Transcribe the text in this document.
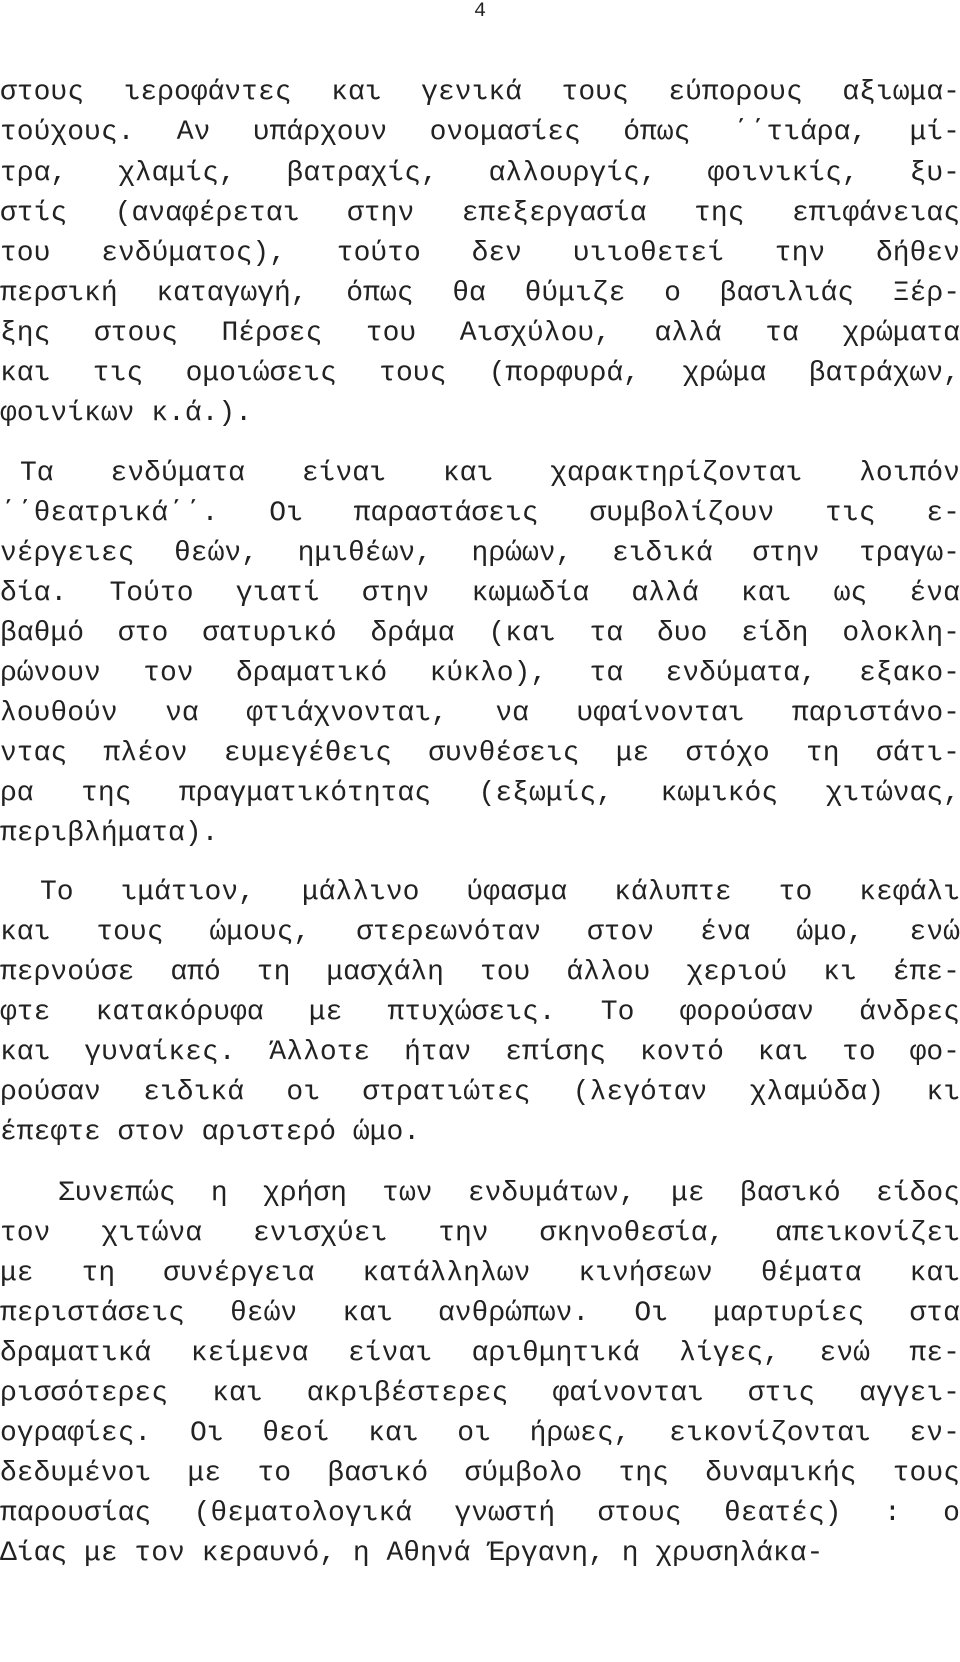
4
στους ιεροφάντες και γενικά τους εύπορους αξιωμα-
τούχους. Αν υπάρχουν ονομασίες όπως ΄΄τιάρα, μί-
τρα, χλαμίς, βατραχίς, αλλουργίς, φοινικίς, ξυ-
στίς (αναφέρεται στην επεξεργασία της επιφάνειας
του ενδύματος), τούτο δεν υιιοθετεί την δήθεν
περσική καταγωγή, όπως θα θύμιζε ο βασιλιάς Ξέρ-
ξης στους Πέρσες του Αισχύλου, αλλά τα χρώματα
και τις ομοιώσεις τους (πορφυρά, χρώμα βατράχων,
φοινίκων κ.ά.).
Τα ενδύματα είναι και χαρακτηρίζονται λοιπόν
΄΄θεατρικά΄΄. Οι παραστάσεις συμβολίζουν τις ε-
νέργειες θεών, ημιθέων, ηρώων, ειδικά στην τραγω-
δία. Τούτο γιατί στην κωμωδία αλλά και ως ένα
βαθμό στο σατυρικό δράμα (και τα δυο είδη ολοκλη-
ρώνουν τον δραματικό κύκλο), τα ενδύματα, εξακο-
λουθούν να φτιάχνονται, να υφαίνονται παριστάνο-
ντας πλέον ευμεγέθεις συνθέσεις με στόχο τη σάτι-
ρα της πραγματικότητας (εξωμίς, κωμικός χιτώνας,
περιβλήματα).
Το ιμάτιον, μάλλινο ύφασμα κάλυπτε το κεφάλι
και τους ώμους, στερεωνόταν στον ένα ώμο, ενώ
περνούσε από τη μασχάλη του άλλου χεριού κι έπε-
φτε κατακόρυφα με πτυχώσεις. Το φορούσαν άνδρες
και γυναίκες. Άλλοτε ήταν επίσης κοντό και το φο-
ρούσαν ειδικά οι στρατιώτες (λεγόταν χλαμύδα) κι
έπεφτε στον αριστερό ώμο.
Συνεπώς η χρήση των ενδυμάτων, με βασικό είδος
τον χιτώνα ενισχύει την σκηνοθεσία, απεικονίζει
με τη συνέργεια κατάλληλων κινήσεων θέματα και
περιστάσεις θεών και ανθρώπων. Οι μαρτυρίες στα
δραματικά κείμενα είναι αριθμητικά λίγες, ενώ πε-
ρισσότερες και ακριβέστερες φαίνονται στις αγγει-
ογραφίες. Οι θεοί και οι ήρωες, εικονίζονται εν-
δεδυμένοι με το βασικό σύμβολο της δυναμικής τους
παρουσίας (θεματολογικά γνωστή στους θεατές) : ο
Δίας με τον κεραυνό, η Αθηνά Έργανη, η χρυσηλάκα-
